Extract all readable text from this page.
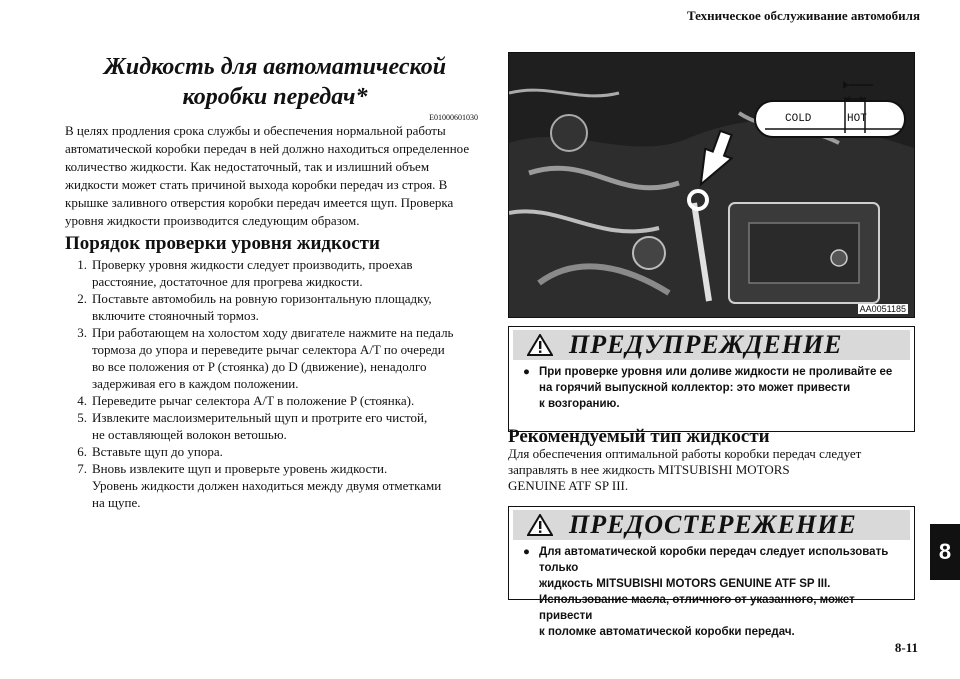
Техническое обслуживание автомобиля
Жидкость для автоматической
коробки передач*
E01000601030
В целях продления срока службы и обеспечения нормальной работы автоматической коробки передач в ней должно находиться определенное количество жидкости. Как недостаточный, так и излишний объем жидкости может стать причиной выхода коробки передач из строя. В крышке заливного отверстия коробки передач имеется щуп. Проверка уровня жидкости производится следующим образом.
Порядок проверки уровня жидкости
1. Проверку уровня жидкости следует производить, проехав
расстояние, достаточное для прогрева жидкости.
2. Поставьте автомобиль на ровную горизонтальную площадку,
включите стояночный тормоз.
3. При работающем на холостом ходу двигателе нажмите на педаль
тормоза до упора и переведите рычаг селектора A/T по очереди
во все положения от P (стоянка) до D (движение), ненадолго
задерживая его в каждом положении.
4. Переведите рычаг селектора A/T в положение P (стоянка).
5. Извлеките маслоизмерительный щуп и протрите его чистой,
не оставляющей волокон ветошью.
6. Вставьте щуп до упора.
7. Вновь извлеките щуп и проверьте уровень жидкости.
Уровень жидкости должен находиться между двумя отметками
на щупе.
COLD	HOT
AA0051185
ПРЕДУПРЕЖДЕНИЕ
● При проверке уровня или доливе жидкости не проливайте ее
на горячий выпускной коллектор: это может привести
к возгоранию.
Рекомендуемый тип жидкости
Для обеспечения оптимальной работы коробки передач следует
заправлять в нее жидкость MITSUBISHI MOTORS
GENUINE ATF SP III.
ПРЕДОСТЕРЕЖЕНИЕ
● Для автоматической коробки передач следует использовать только
жидкость MITSUBISHI MOTORS GENUINE ATF SP III.
Использование масла, отличного от указанного, может привести
к поломке автоматической коробки передач.
8
8-11
